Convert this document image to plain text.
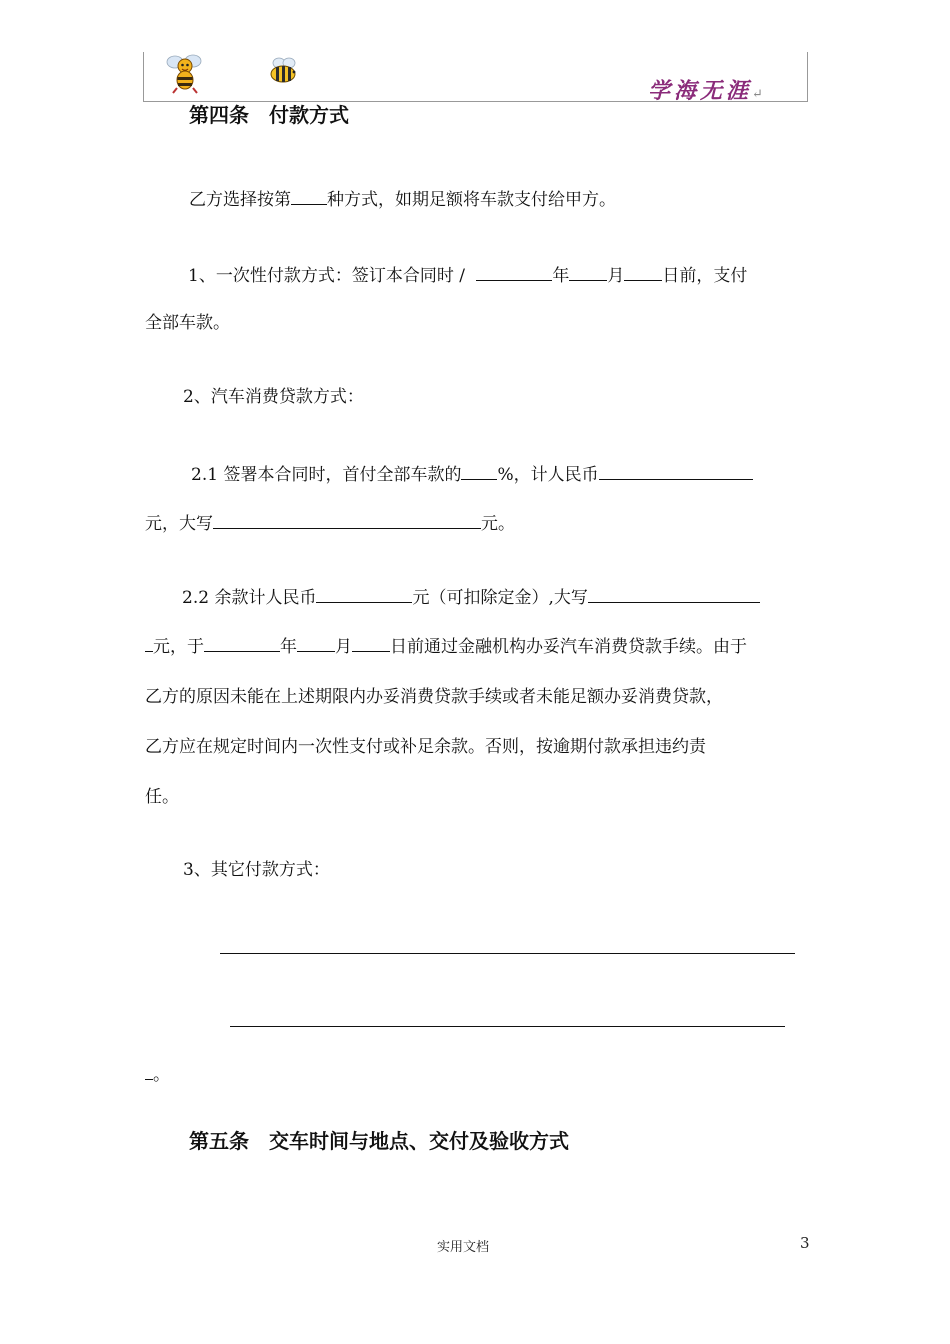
学海无涯↵
第四条　付款方式
乙方选择按第 种方式，如期足额将车款支付给甲方。
1、一次性付款方式：签订本合同时 /	年 月 日前，支付
全部车款。
2、汽车消费贷款方式：
2.1 签署本合同时，首付全部车款的 %，计人民币
元，大写	元。
2.2 余款计人民币	元（可扣除定金）,大写
元，于	年 月 日前通过金融机构办妥汽车消费贷款手续。由于
乙方的原因未能在上述期限内办妥消费贷款手续或者未能足额办妥消费贷款，
乙方应在规定时间内一次性支付或补足余款。否则，按逾期付款承担违约责
任。
3、其它付款方式：
。
第五条　交车时间与地点、交付及验收方式
实用文档	3
